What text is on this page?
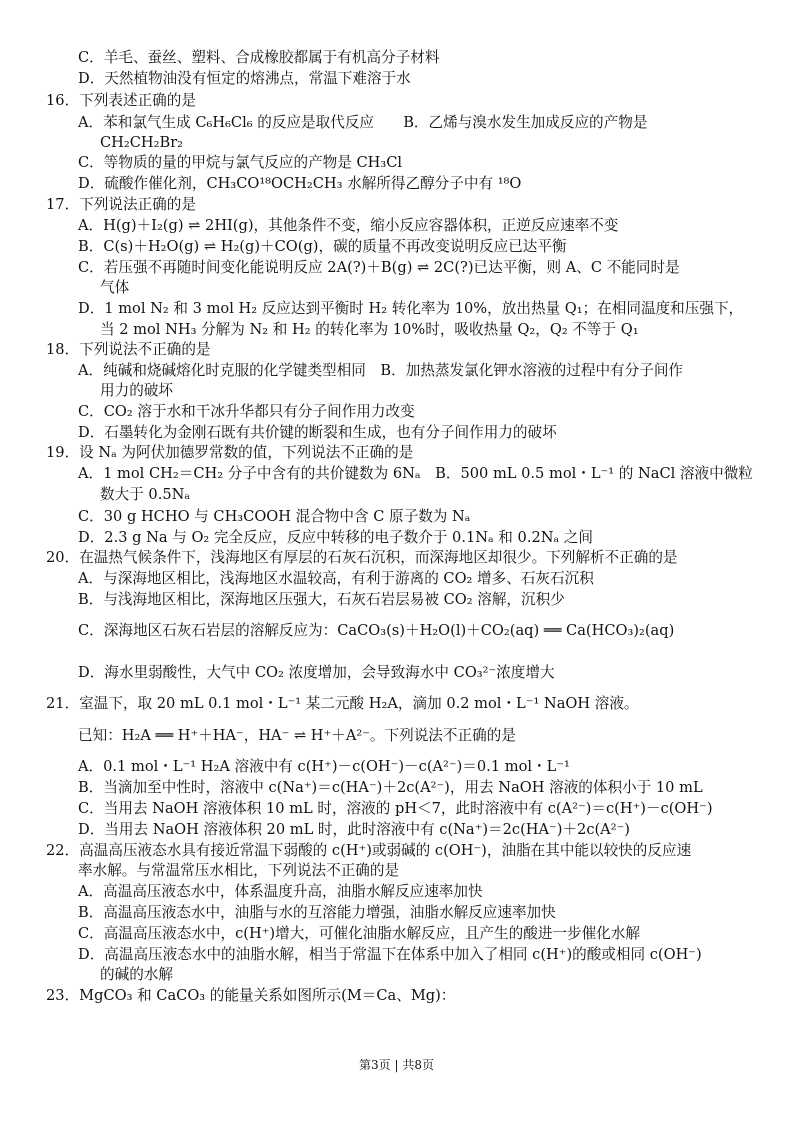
C．羊毛、蚕丝、塑料、合成橡胶都属于有机高分子材料
D．天然植物油没有恒定的熔沸点，常温下难溶于水
16．下列表述正确的是
A．苯和氯气生成 C₆H₆Cl₆ 的反应是取代反应　　B．乙烯与溴水发生加成反应的产物是
CH₂CH₂Br₂
C．等物质的量的甲烷与氯气反应的产物是 CH₃Cl
D．硫酸作催化剂，CH₃CO¹⁸OCH₂CH₃ 水解所得乙醇分子中有 ¹⁸O
17．下列说法正确的是
A．H(g)＋I₂(g) ⇌ 2HI(g)，其他条件不变，缩小反应容器体积，正逆反应速率不变
B．C(s)＋H₂O(g) ⇌ H₂(g)＋CO(g)，碳的质量不再改变说明反应已达平衡
C．若压强不再随时间变化能说明反应 2A(?)＋B(g) ⇌ 2C(?)已达平衡，则 A、C 不能同时是
气体
D．1 mol N₂ 和 3 mol H₂ 反应达到平衡时 H₂ 转化率为 10%，放出热量 Q₁；在相同温度和压强下，
当 2 mol NH₃ 分解为 N₂ 和 H₂ 的转化率为 10%时，吸收热量 Q₂，Q₂ 不等于 Q₁
18．下列说法不正确的是
A．纯碱和烧碱熔化时克服的化学键类型相同　B．加热蒸发氯化钾水溶液的过程中有分子间作
用力的破坏
C．CO₂ 溶于水和干冰升华都只有分子间作用力改变
D．石墨转化为金刚石既有共价键的断裂和生成，也有分子间作用力的破坏
19．设 Nₐ 为阿伏加德罗常数的值，下列说法不正确的是
A．1 mol CH₂＝CH₂ 分子中含有的共价键数为 6Nₐ　B．500 mL 0.5 mol・L⁻¹ 的 NaCl 溶液中微粒
数大于 0.5Nₐ
C．30 g HCHO 与 CH₃COOH 混合物中含 C 原子数为 Nₐ
D．2.3 g Na 与 O₂ 完全反应，反应中转移的电子数介于 0.1Nₐ 和 0.2Nₐ 之间
20．在温热气候条件下，浅海地区有厚层的石灰石沉积，而深海地区却很少。下列解析不正确的是
A．与深海地区相比，浅海地区水温较高，有利于游离的 CO₂ 增多、石灰石沉积
B．与浅海地区相比，深海地区压强大，石灰石岩层易被 CO₂ 溶解，沉积少
C．深海地区石灰石岩层的溶解反应为：CaCO₃(s)＋H₂O(l)＋CO₂(aq) ══ Ca(HCO₃)₂(aq)
D．海水里弱酸性，大气中 CO₂ 浓度增加，会导致海水中 CO₃²⁻浓度增大
21．室温下，取 20 mL 0.1 mol・L⁻¹ 某二元酸 H₂A，滴加 0.2 mol・L⁻¹ NaOH 溶液。
已知：H₂A ══ H⁺＋HA⁻，HA⁻ ⇌ H⁺＋A²⁻。下列说法不正确的是
A．0.1 mol・L⁻¹ H₂A 溶液中有 c(H⁺)－c(OH⁻)－c(A²⁻)＝0.1 mol・L⁻¹
B．当滴加至中性时，溶液中 c(Na⁺)＝c(HA⁻)＋2c(A²⁻)，用去 NaOH 溶液的体积小于 10 mL
C．当用去 NaOH 溶液体积 10 mL 时，溶液的 pH＜7，此时溶液中有 c(A²⁻)＝c(H⁺)－c(OH⁻)
D．当用去 NaOH 溶液体积 20 mL 时，此时溶液中有 c(Na⁺)＝2c(HA⁻)＋2c(A²⁻)
22．高温高压液态水具有接近常温下弱酸的 c(H⁺)或弱碱的 c(OH⁻)，油脂在其中能以较快的反应速
率水解。与常温常压水相比，下列说法不正确的是
A．高温高压液态水中，体系温度升高，油脂水解反应速率加快
B．高温高压液态水中，油脂与水的互溶能力增强，油脂水解反应速率加快
C．高温高压液态水中，c(H⁺)增大，可催化油脂水解反应，且产生的酸进一步催化水解
D．高温高压液态水中的油脂水解，相当于常温下在体系中加入了相同 c(H⁺)的酸或相同 c(OH⁻)
的碱的水解
23．MgCO₃ 和 CaCO₃ 的能量关系如图所示(M＝Ca、Mg)：
第3页 | 共8页
